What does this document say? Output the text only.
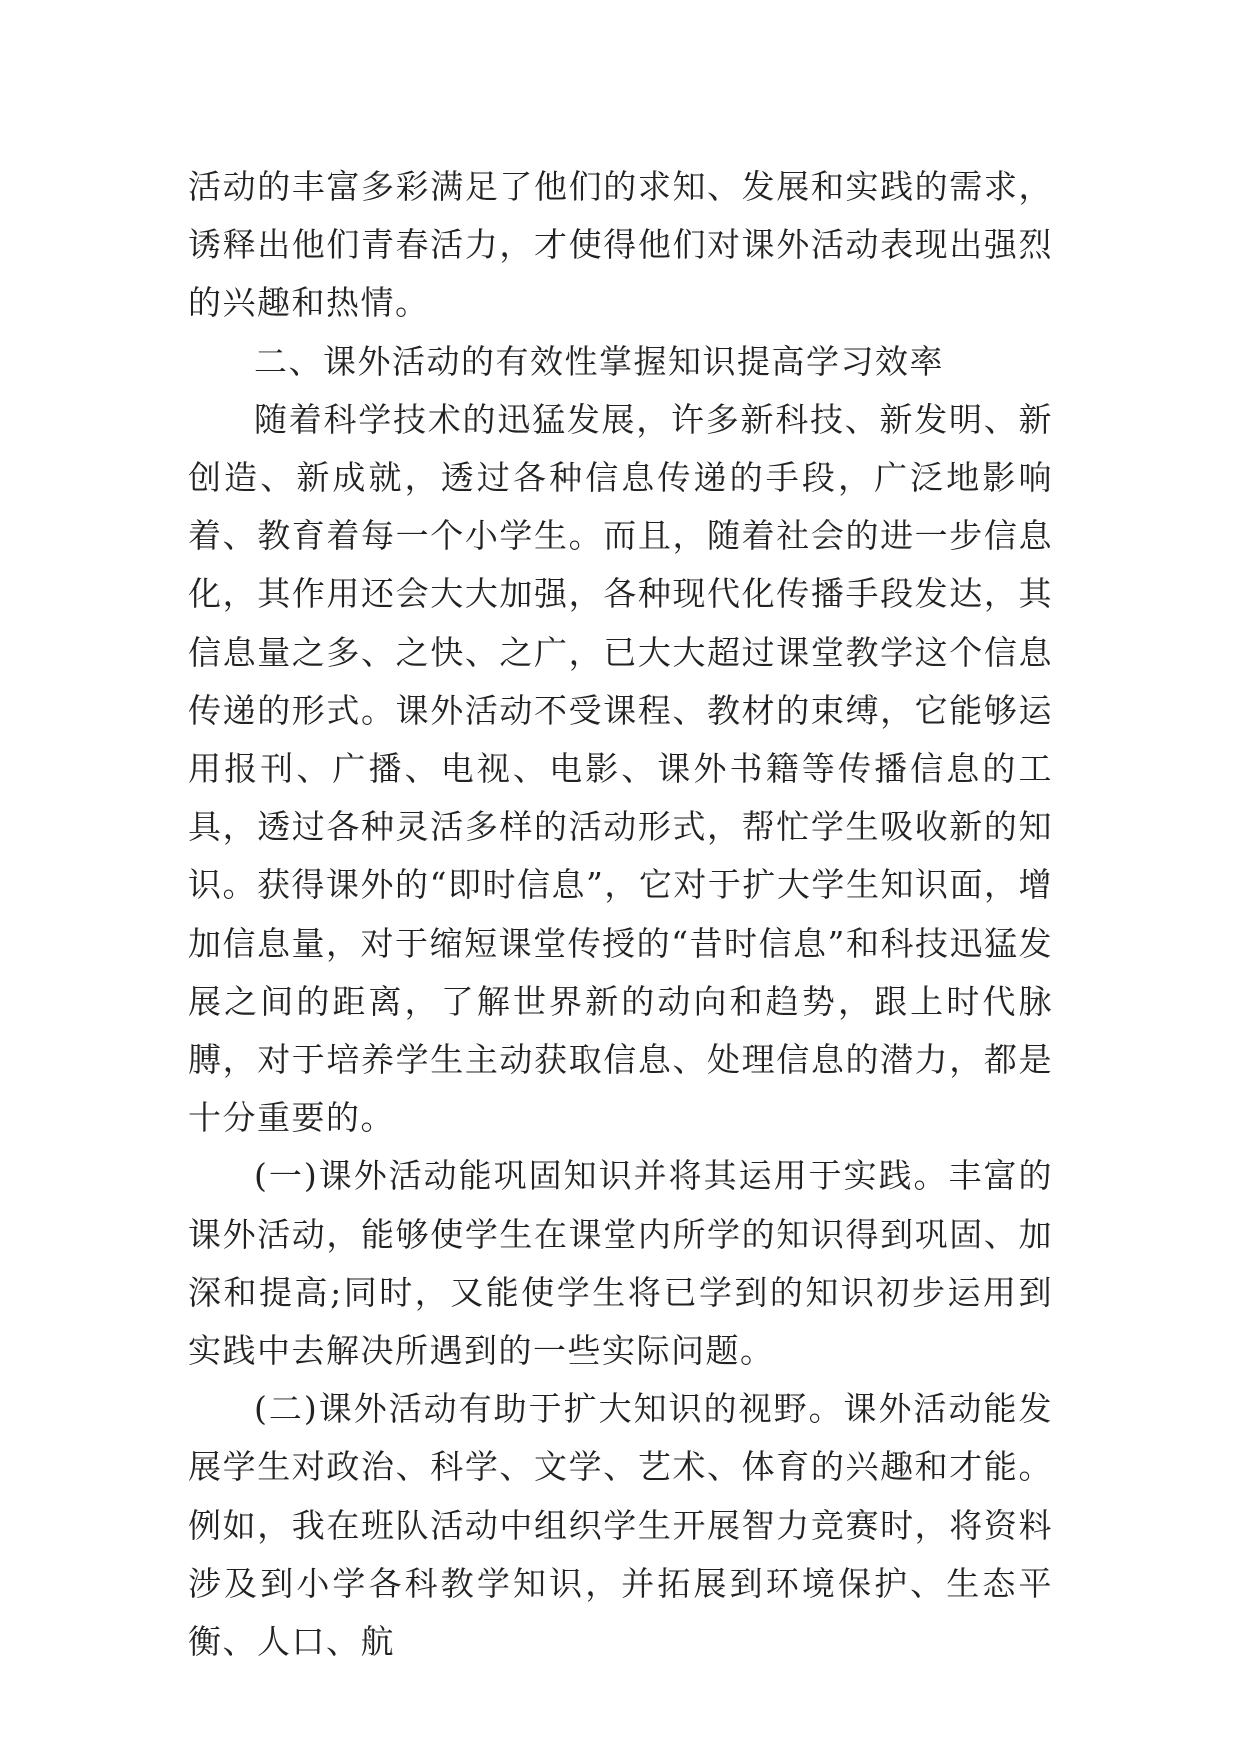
活动的丰富多彩满足了他们的求知、发展和实践的需求，诱释出他们青春活力，才使得他们对课外活动表现出强烈的兴趣和热情。

二、课外活动的有效性掌握知识提高学习效率

随着科学技术的迅猛发展，许多新科技、新发明、新创造、新成就，透过各种信息传递的手段，广泛地影响着、教育着每一个小学生。而且，随着社会的进一步信息化，其作用还会大大加强，各种现代化传播手段发达，其信息量之多、之快、之广，已大大超过课堂教学这个信息传递的形式。课外活动不受课程、教材的束缚，它能够运用报刊、广播、电视、电影、课外书籍等传播信息的工具，透过各种灵活多样的活动形式，帮忙学生吸收新的知识。获得课外的“即时信息”，它对于扩大学生知识面，增加信息量，对于缩短课堂传授的“昔时信息”和科技迅猛发展之间的距离，了解世界新的动向和趋势，跟上时代脉膊，对于培养学生主动获取信息、处理信息的潜力，都是十分重要的。

(一)课外活动能巩固知识并将其运用于实践。丰富的课外活动，能够使学生在课堂内所学的知识得到巩固、加深和提高;同时，又能使学生将已学到的知识初步运用到实践中去解决所遇到的一些实际问题。

(二)课外活动有助于扩大知识的视野。课外活动能发展学生对政治、科学、文学、艺术、体育的兴趣和才能。例如，我在班队活动中组织学生开展智力竞赛时，将资料涉及到小学各科教学知识，并拓展到环境保护、生态平衡、人口、航
